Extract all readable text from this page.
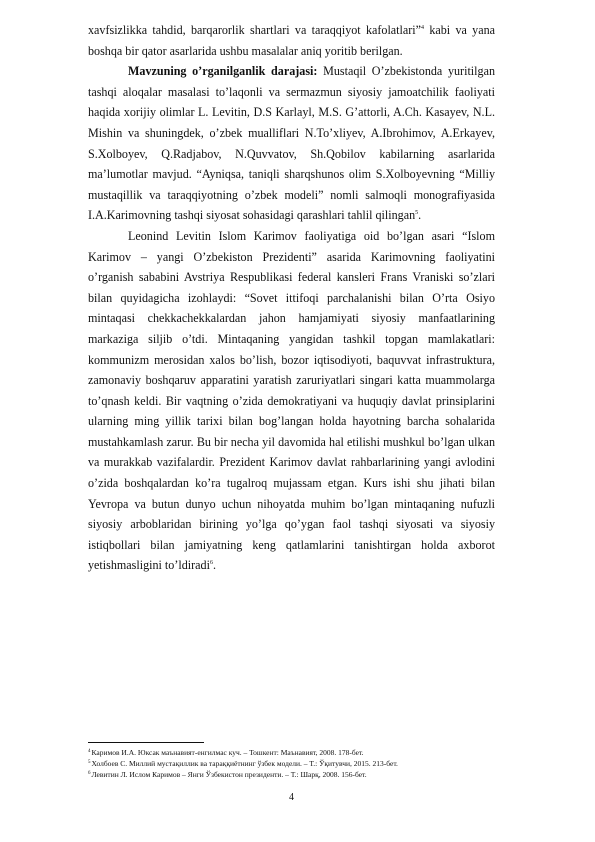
xavfsizlikka tahdid, barqarorlik shartlari va taraqqiyot kafolatlari”$^4$ kabi va yana boshqa bir qator asarlarida ushbu masalalar aniq yoritib berilgan.

Mavzuning o’rganilganlik darajasi: Mustaqil O’zbekistonda yuritilgan tashqi aloqalar masalasi to’laqonli va sermazmun siyosiy jamoatchilik faoliyati haqida xorijiy olimlar L. Levitin, D.S Karlayl, M.S. G’attorli, A.Ch. Kasayev, N.L. Mishin va shuningdek, o’zbek mualliflari N.To’xliyev, A.Ibrohimov, A.Erkayev, S.Xolboyev, Q.Radjabov, N.Quvvatov, Sh.Qobilov kabilarning asarlarida ma’lumotlar mavjud. “Ayniqsa, taniqli sharqshunos olim S.Xolboyevning “Milliy mustaqillik va taraqqiyotning o’zbek modeli” nomli salmoqli monografiyasida I.A.Karimovning tashqi siyosat sohasidagi qarashlari tahlil qilingan$^5$.

Leonind Levitin Islom Karimov faoliyatiga oid bo’lgan asari “Islom Karimov – yangi O’zbekiston Prezidenti” asarida Karimovning faoliyatini o’rganish sababini Avstriya Respublikasi federal kansleri Frans Vraniski so’zlari bilan quyidagicha izohlaydi: “Sovet ittifoqi parchalanishi bilan O’rta Osiyo mintaqasi chekkachekkalardan jahon hamjamiyati siyosiy manfaatlarining markaziga siljib o’tdi. Mintaqaning yangidan tashkil topgan mamlakatlari: kommunizm merosidan xalos bo’lish, bozor iqtisodiyoti, baquvvat infrastruktura, zamonaviy boshqaruv apparatini yaratish zaruriyatlari singari katta muammolarga to’qnash keldi. Bir vaqtning o’zida demokratiyani va huquqiy davlat prinsiplarini ularning ming yillik tarixi bilan bog’langan holda hayotning barcha sohalarida mustahkamlash zarur. Bu bir necha yil davomida hal etilishi mushkul bo’lgan ulkan va murakkab vazifalardir. Prezident Karimov davlat rahbarlarining yangi avlodini o’zida boshqalardan ko’ra tugalroq mujassam etgan. Kurs ishi shu jihati bilan Yevropa va butun dunyo uchun nihoyatda muhim bo’lgan mintaqaning nufuzli siyosiy arboblaridan birining yo’lga qo’ygan faol tashqi siyosati va siyosiy istiqbollari bilan jamiyatning keng qatlamlarini tanishtirgan holda axborot yetishmasligini to’ldiradi$^6$.

$^4$Каримов И.А. Юксак маънавият-енгилмас куч. – Тошкент: Маънавият, 2008. 178-бет.
$^5$Холбоев С. Миллий мустақиллик ва тараққиётнинг ўзбек модели. – Т.: Ўқитувчи, 2015. 213-бет.
$^6$Левитин Л. Ислом Каримов – Янги Ўзбекистон президенти. – Т.: Шарқ, 2008. 156-бет.
4
